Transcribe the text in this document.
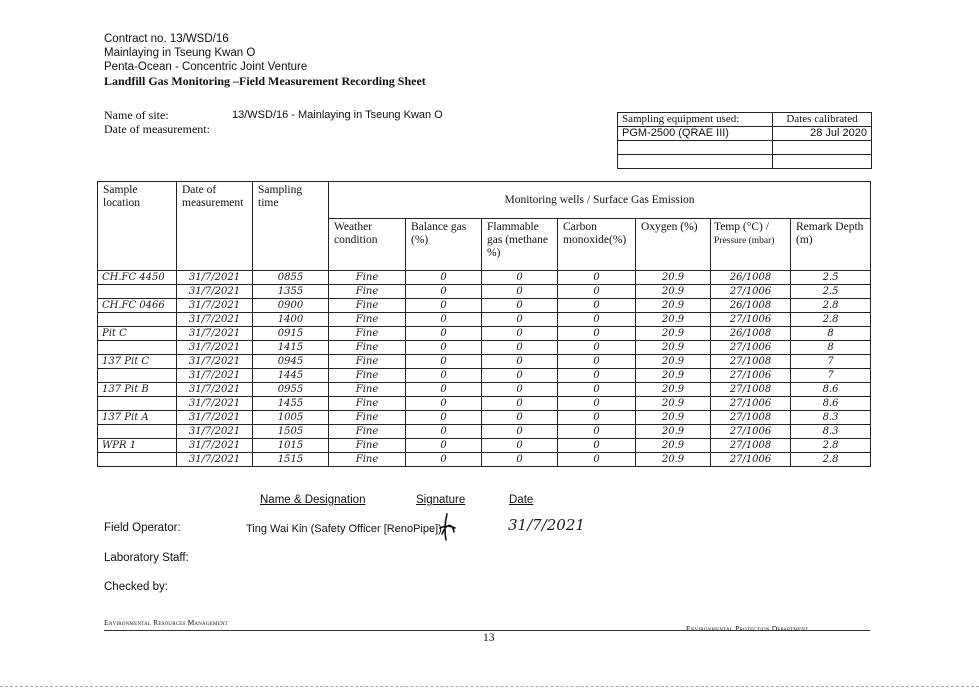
Contract no. 13/WSD/16
Mainlaying in Tseung Kwan O
Penta-Ocean - Concentric Joint Venture
Landfill Gas Monitoring –Field Measurement Recording Sheet
Name of site:	13/WSD/16 - Mainlaying in Tseung Kwan O
Date of measurement:
Sampling equipment used:	Dates calibrated
PGM-2500 (QRAE III)	28 Jul 2020

Sample location	Date of measurement	Sampling time	Monitoring wells / Surface Gas Emission						
			Weather condition	Balance gas (%)	Flammable gas (methane %)	Carbon monoxide(%)	Oxygen (%)	Temp (°C) /
Pressure (mbar)	Remark Depth (m)
CH.FC 4450	31/7/2021	0855	Fine	0	0	0	20.9	26/1008	2.5
	31/7/2021	1355	Fine	0	0	0	20.9	27/1006	2.5
CH.FC 0466	31/7/2021	0900	Fine	0	0	0	20.9	26/1008	2.8
	31/7/2021	1400	Fine	0	0	0	20.9	27/1006	2.8
Pit C	31/7/2021	0915	Fine	0	0	0	20.9	26/1008	8
	31/7/2021	1415	Fine	0	0	0	20.9	27/1006	8
137 Pit C	31/7/2021	0945	Fine	0	0	0	20.9	27/1008	7
	31/7/2021	1445	Fine	0	0	0	20.9	27/1006	7
137 Pit B	31/7/2021	0955	Fine	0	0	0	20.9	27/1008	8.6
	31/7/2021	1455	Fine	0	0	0	20.9	27/1006	8.6
137 Pit A	31/7/2021	1005	Fine	0	0	0	20.9	27/1008	8.3
	31/7/2021	1505	Fine	0	0	0	20.9	27/1006	8.3
WPR 1	31/7/2021	1015	Fine	0	0	0	20.9	27/1008	2.8
	31/7/2021	1515	Fine	0	0	0	20.9	27/1006	2.8
Name & Designation	Signature	Date
Field Operator:	Ting Wai Kin (Safety Officer [RenoPipe])	31/7/2021
Laboratory Staff:
Checked by:
Environmental Resources Management
Environmental Protection Department
13
